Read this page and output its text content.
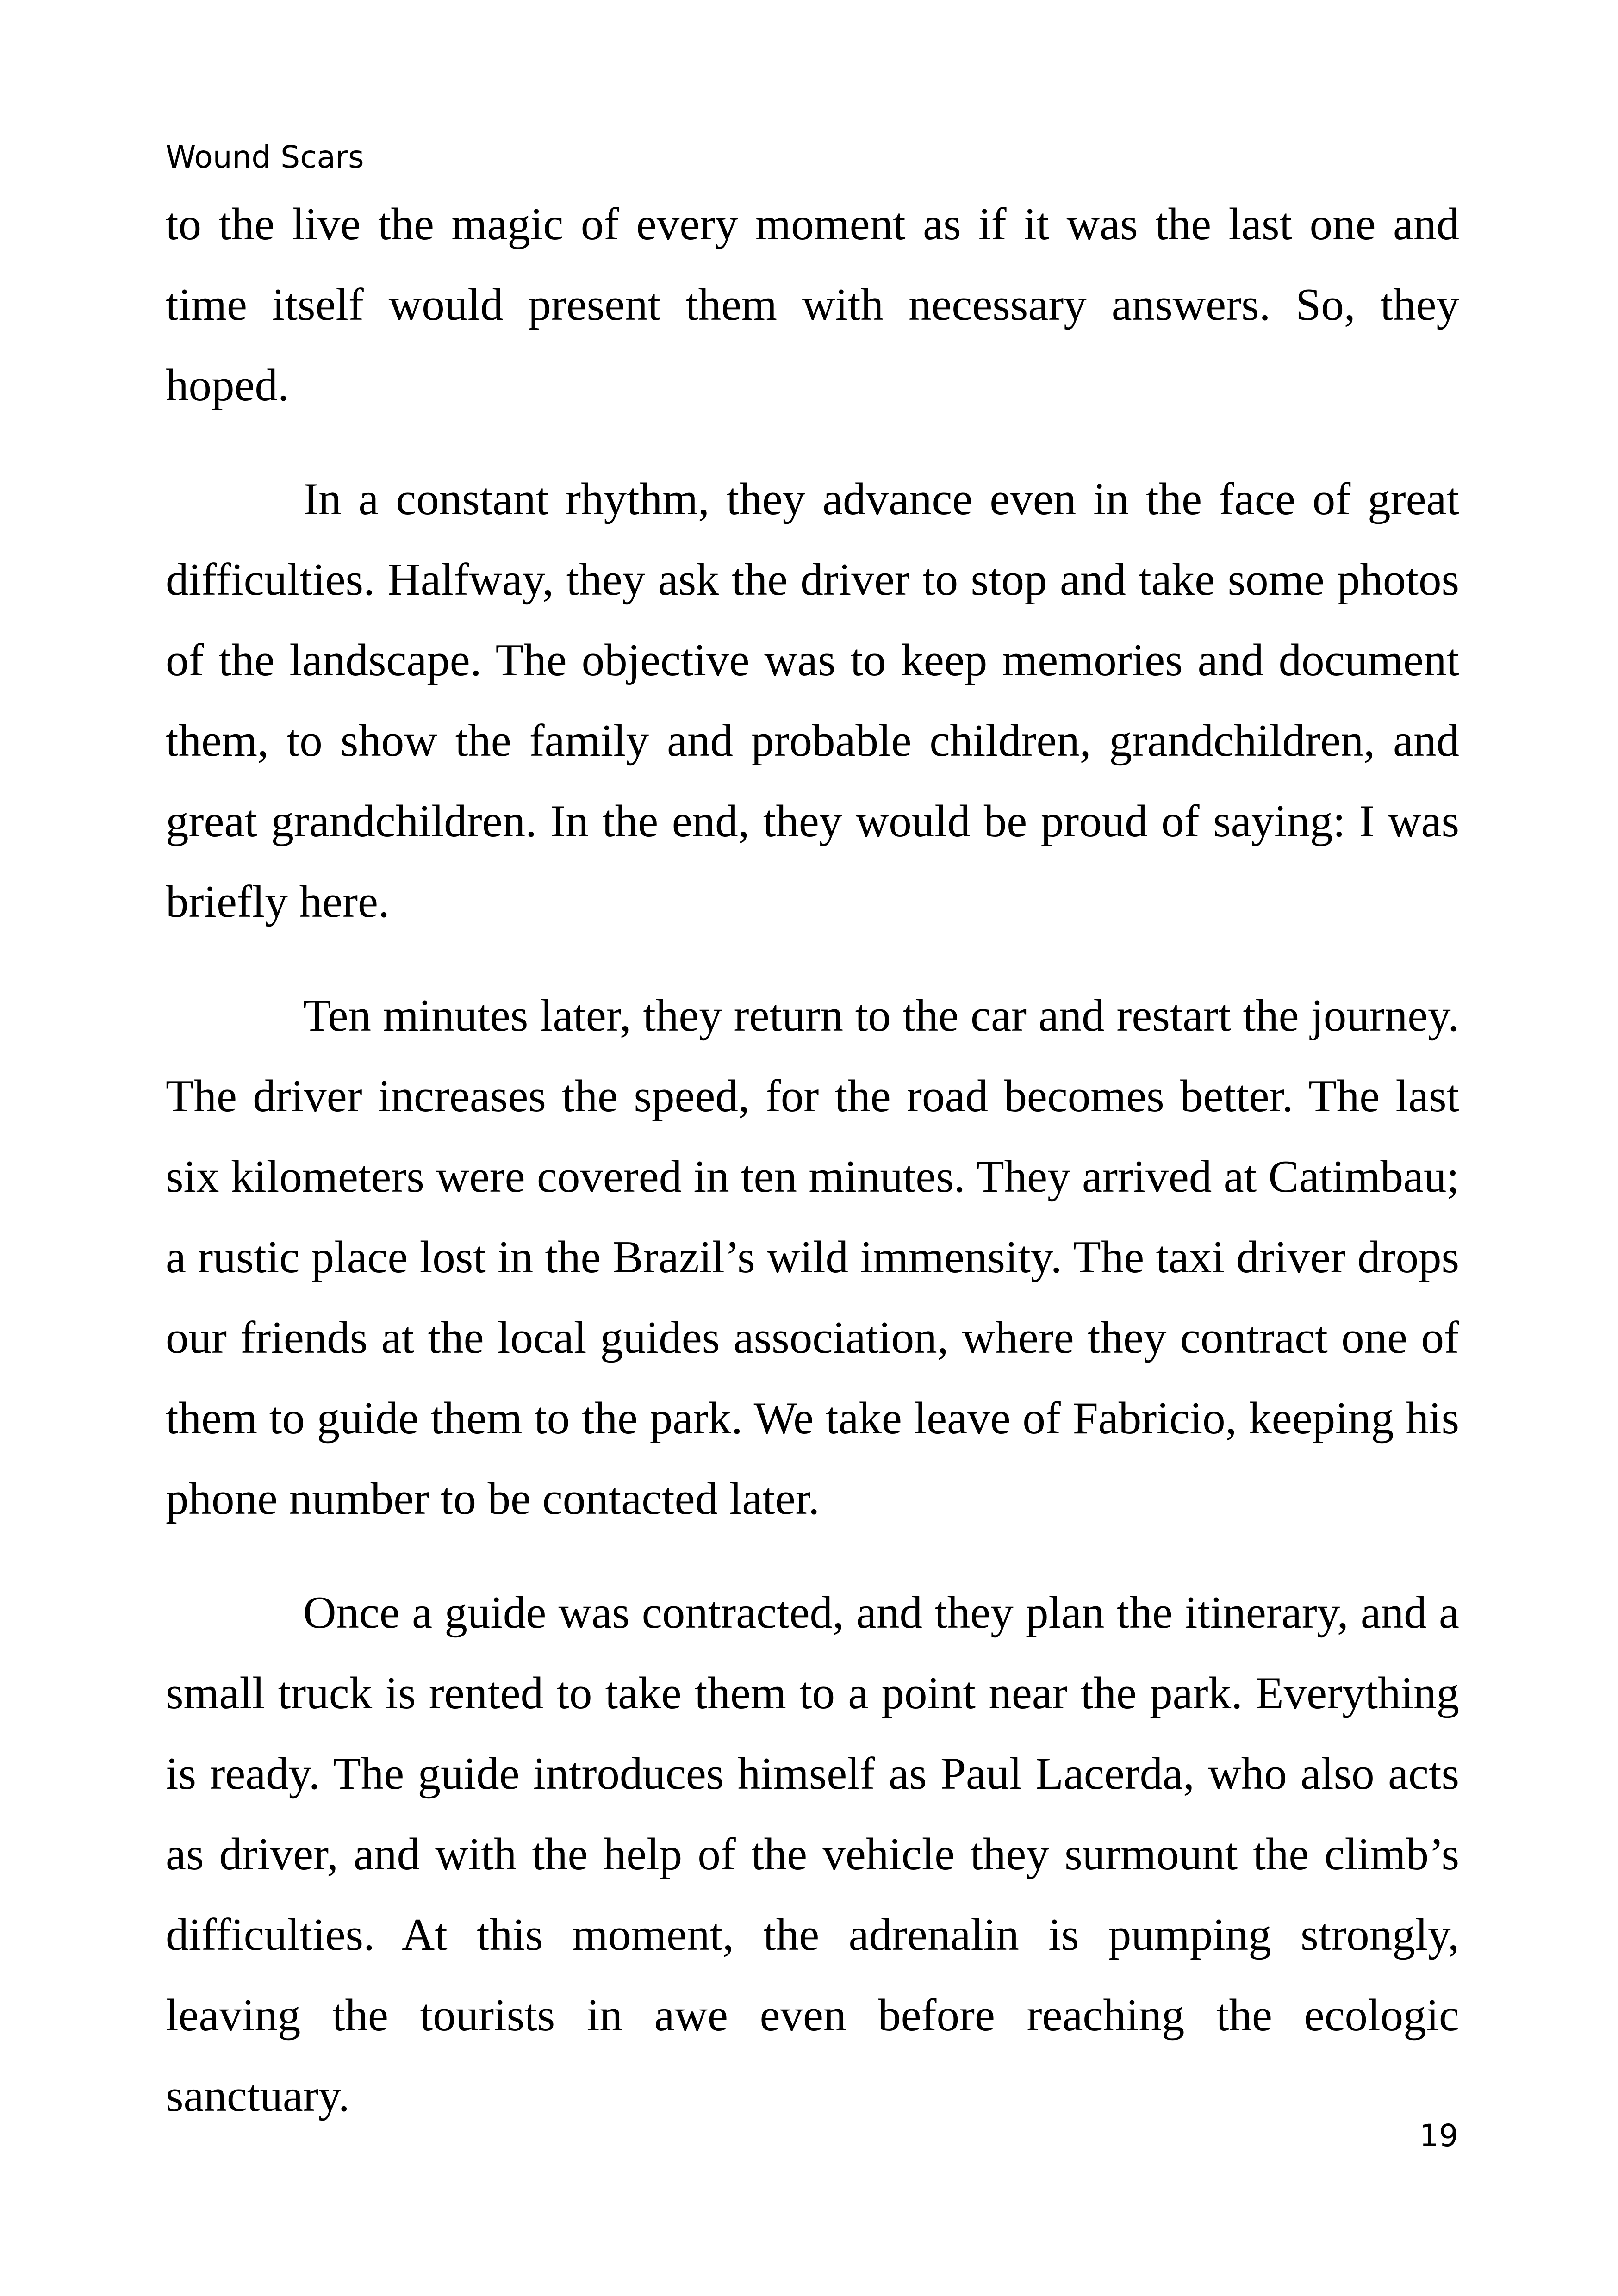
Wound Scars

to the live the magic of every moment as if it was the last one and time itself would present them with necessary answers. So, they hoped.

In a constant rhythm, they advance even in the face of great difficulties. Halfway, they ask the driver to stop and take some photos of the landscape. The objective was to keep memories and document them, to show the family and probable children, grandchildren, and great grandchildren. In the end, they would be proud of saying: I was briefly here.

Ten minutes later, they return to the car and restart the journey. The driver increases the speed, for the road becomes better. The last six kilometers were covered in ten minutes. They arrived at Catimbau; a rustic place lost in the Brazil’s wild immensity. The taxi driver drops our friends at the local guides association, where they contract one of them to guide them to the park. We take leave of Fabricio, keeping his phone number to be contacted later.

Once a guide was contracted, and they plan the itinerary, and a small truck is rented to take them to a point near the park. Everything is ready. The guide introduces himself as Paul Lacerda, who also acts as driver, and with the help of the vehicle they surmount the climb’s difficulties. At this moment, the adrenalin is pumping strongly, leaving the tourists in awe even before reaching the ecologic sanctuary.

19
